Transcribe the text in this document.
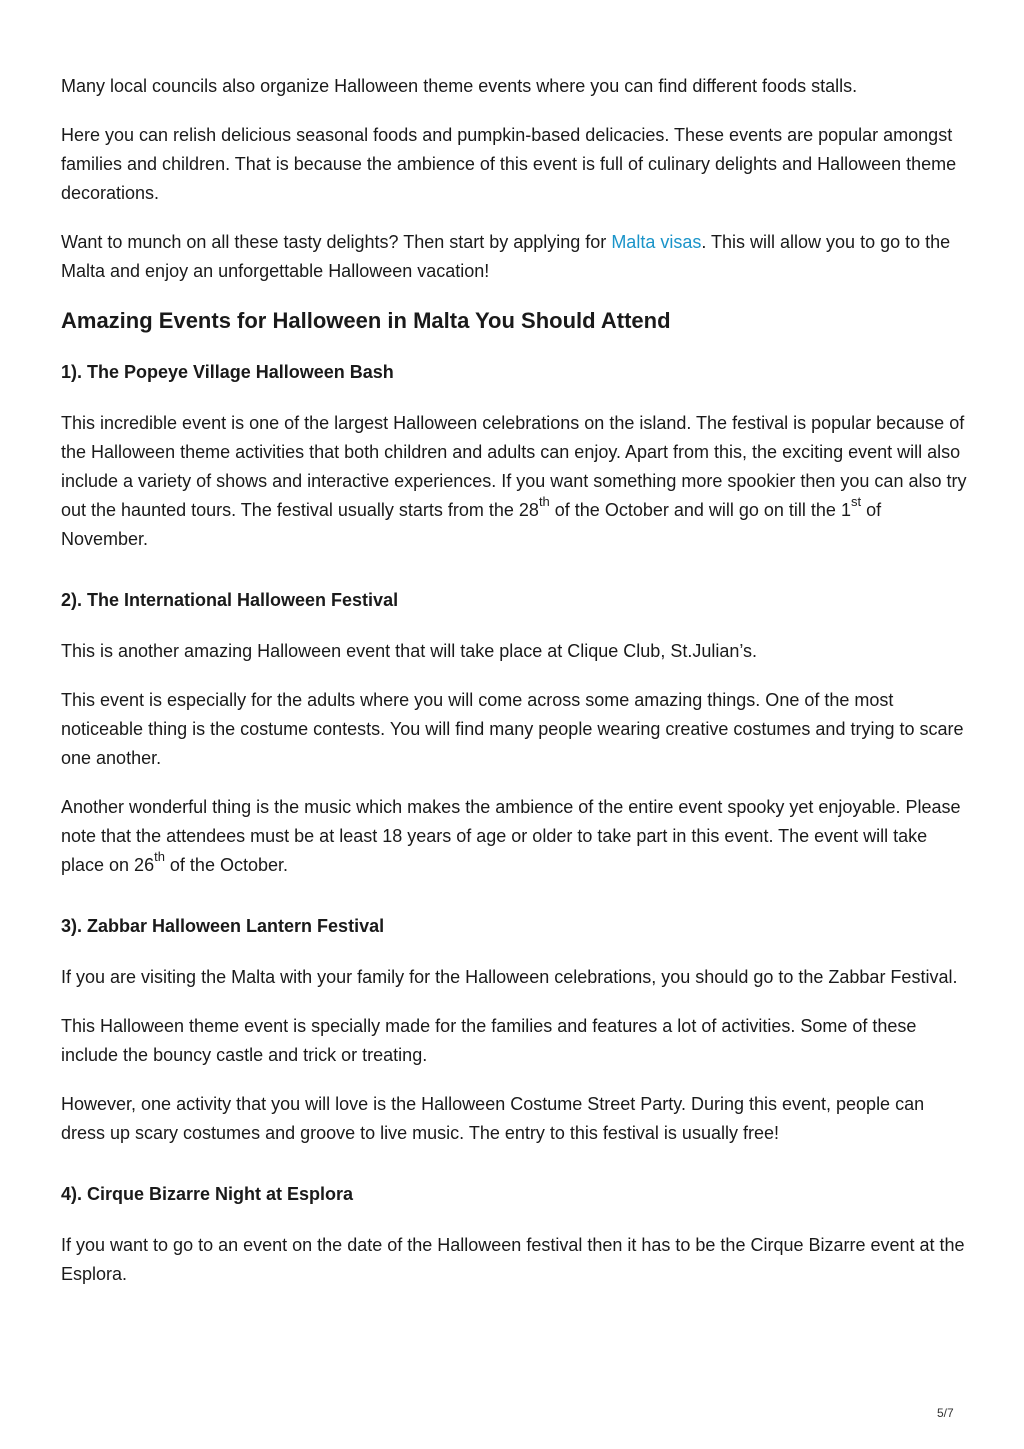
Many local councils also organize Halloween theme events where you can find different foods stalls.

Here you can relish delicious seasonal foods and pumpkin-based delicacies. These events are popular amongst families and children. That is because the ambience of this event is full of culinary delights and Halloween theme decorations.

Want to munch on all these tasty delights? Then start by applying for Malta visas. This will allow you to go to the Malta and enjoy an unforgettable Halloween vacation!

Amazing Events for Halloween in Malta You Should Attend
1). The Popeye Village Halloween Bash

This incredible event is one of the largest Halloween celebrations on the island. The festival is popular because of the Halloween theme activities that both children and adults can enjoy. Apart from this, the exciting event will also include a variety of shows and interactive experiences. If you want something more spookier then you can also try out the haunted tours. The festival usually starts from the 28th of the October and will go on till the 1st of November.

2). The International Halloween Festival

This is another amazing Halloween event that will take place at Clique Club, St.Julian’s.

This event is especially for the adults where you will come across some amazing things. One of the most noticeable thing is the costume contests. You will find many people wearing creative costumes and trying to scare one another.

Another wonderful thing is the music which makes the ambience of the entire event spooky yet enjoyable. Please note that the attendees must be at least 18 years of age or older to take part in this event. The event will take place on 26th of the October.

3). Zabbar Halloween Lantern Festival

If you are visiting the Malta with your family for the Halloween celebrations, you should go to the Zabbar Festival.

This Halloween theme event is specially made for the families and features a lot of activities. Some of these include the bouncy castle and trick or treating.

However, one activity that you will love is the Halloween Costume Street Party. During this event, people can dress up scary costumes and groove to live music. The entry to this festival is usually free!

4). Cirque Bizarre Night at Esplora

If you want to go to an event on the date of the Halloween festival then it has to be the Cirque Bizarre event at the Esplora.

5/7
